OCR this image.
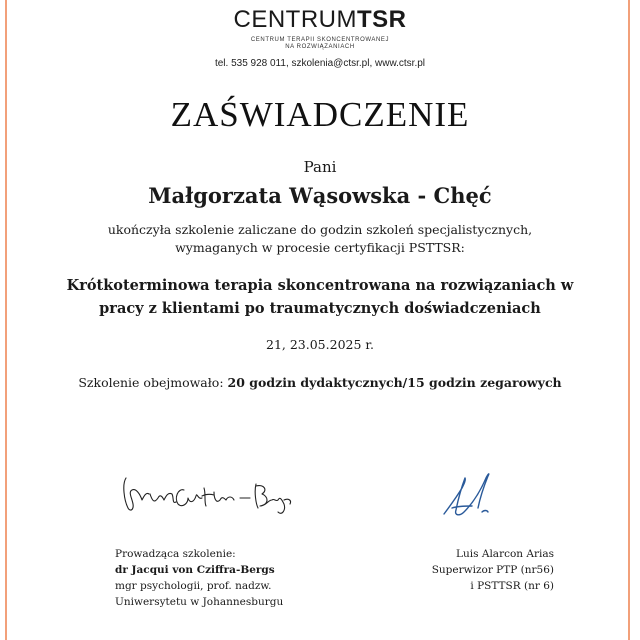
CENTRUMTSR
CENTRUM TERAPII SKONCENTROWANEJ
NA ROZWIĄZANIACH
tel. 535 928 011, szkolenia@ctsr.pl, www.ctsr.pl
ZAŚWIADCZENIE
Pani
Małgorzata Wąsowska - Chęć
ukończyła szkolenie zaliczane do godzin szkoleń specjalistycznych,
wymaganych w procesie certyfikacji PSTTSR:
Krótkoterminowa terapia skoncentrowana na rozwiązaniach w
pracy z klientami po traumatycznych doświadczeniach
21, 23.05.2025 r.
Szkolenie obejmowało: 20 godzin dydaktycznych/15 godzin zegarowych
Prowadząca szkolenie:
dr Jacqui von Cziffra-Bergs
mgr psychologii, prof. nadzw.
Uniwersytetu w Johannesburgu
Luis Alarcon Arias
Superwizor PTP (nr56)
i PSTTSR (nr 6)
